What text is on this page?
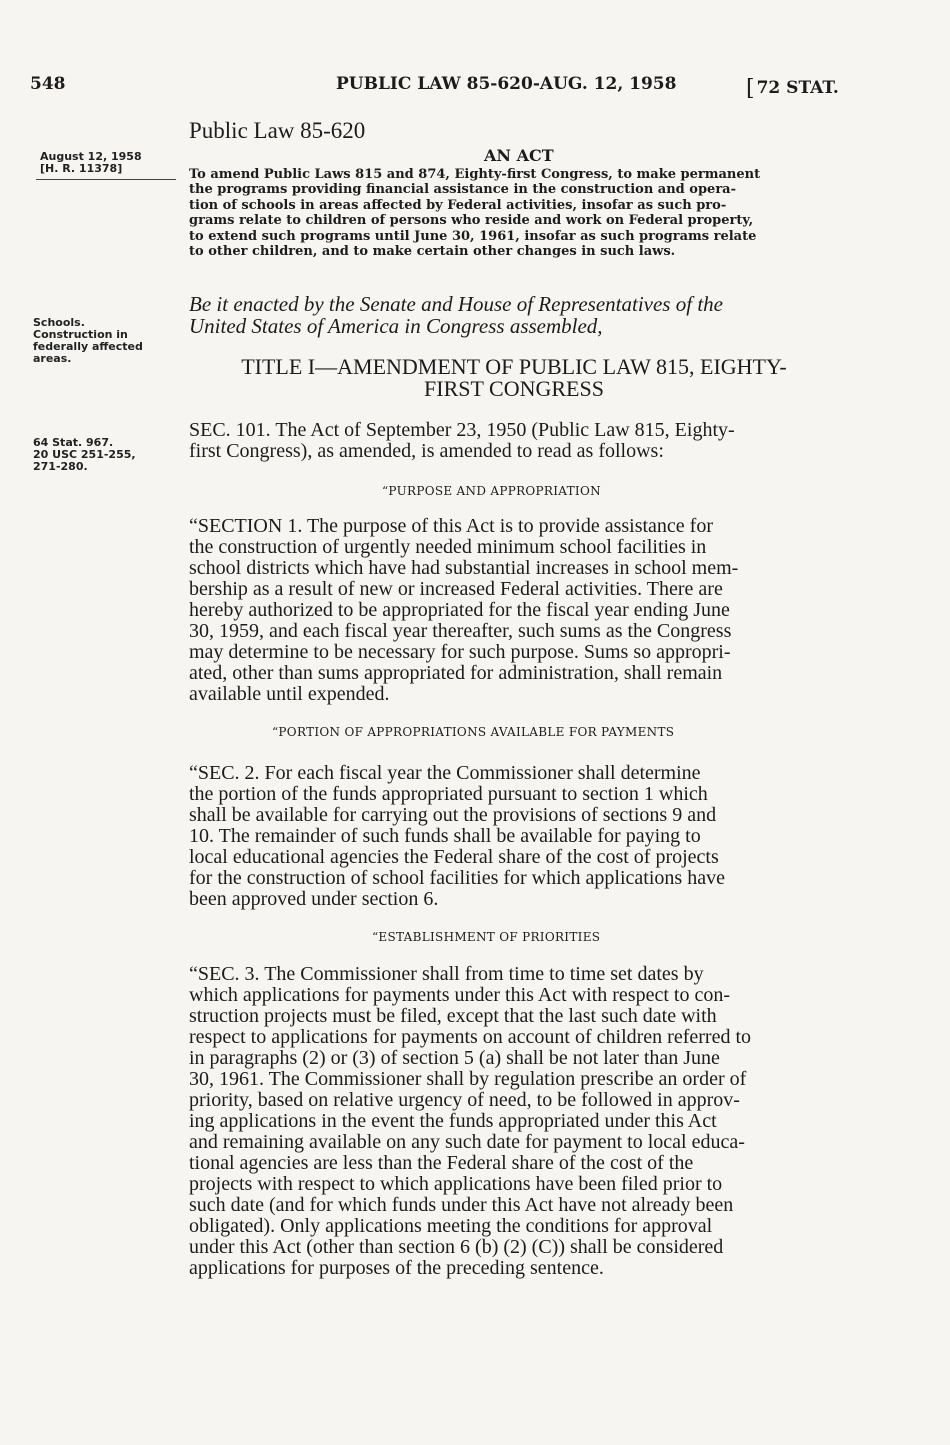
548	PUBLIC LAW 85-620-AUG. 12, 1958	[ 72 STAT.
Public Law 85-620
AN ACT
August 12, 1958
[H. R. 11378]
Schools.
Construction in
federally affected
areas.
64 Stat. 967.
20 USC 251-255,
271-280.
To amend Public Laws 815 and 874, Eighty-first Congress, to make permanent
the programs providing financial assistance in the construction and opera-
tion of schools in areas affected by Federal activities, insofar as such pro-
grams relate to children of persons who reside and work on Federal property,
to extend such programs until June 30, 1961, insofar as such programs relate
to other children, and to make certain other changes in such laws.
Be it enacted by the Senate and House of Representatives of the
United States of America in Congress assembled,
TITLE I—AMENDMENT OF PUBLIC LAW 815, EIGHTY-
FIRST CONGRESS
SEC. 101. The Act of September 23, 1950 (Public Law 815, Eighty-
first Congress), as amended, is amended to read as follows:
“PURPOSE AND APPROPRIATION
“SECTION 1. The purpose of this Act is to provide assistance for
the construction of urgently needed minimum school facilities in
school districts which have had substantial increases in school mem-
bership as a result of new or increased Federal activities. There are
hereby authorized to be appropriated for the fiscal year ending June
30, 1959, and each fiscal year thereafter, such sums as the Congress
may determine to be necessary for such purpose. Sums so appropri-
ated, other than sums appropriated for administration, shall remain
available until expended.
“PORTION OF APPROPRIATIONS AVAILABLE FOR PAYMENTS
“SEC. 2. For each fiscal year the Commissioner shall determine
the portion of the funds appropriated pursuant to section 1 which
shall be available for carrying out the provisions of sections 9 and
10. The remainder of such funds shall be available for paying to
local educational agencies the Federal share of the cost of projects
for the construction of school facilities for which applications have
been approved under section 6.
“ESTABLISHMENT OF PRIORITIES
“SEC. 3. The Commissioner shall from time to time set dates by
which applications for payments under this Act with respect to con-
struction projects must be filed, except that the last such date with
respect to applications for payments on account of children referred to
in paragraphs (2) or (3) of section 5 (a) shall be not later than June
30, 1961. The Commissioner shall by regulation prescribe an order of
priority, based on relative urgency of need, to be followed in approv-
ing applications in the event the funds appropriated under this Act
and remaining available on any such date for payment to local educa-
tional agencies are less than the Federal share of the cost of the
projects with respect to which applications have been filed prior to
such date (and for which funds under this Act have not already been
obligated). Only applications meeting the conditions for approval
under this Act (other than section 6 (b) (2) (C)) shall be considered
applications for purposes of the preceding sentence.
